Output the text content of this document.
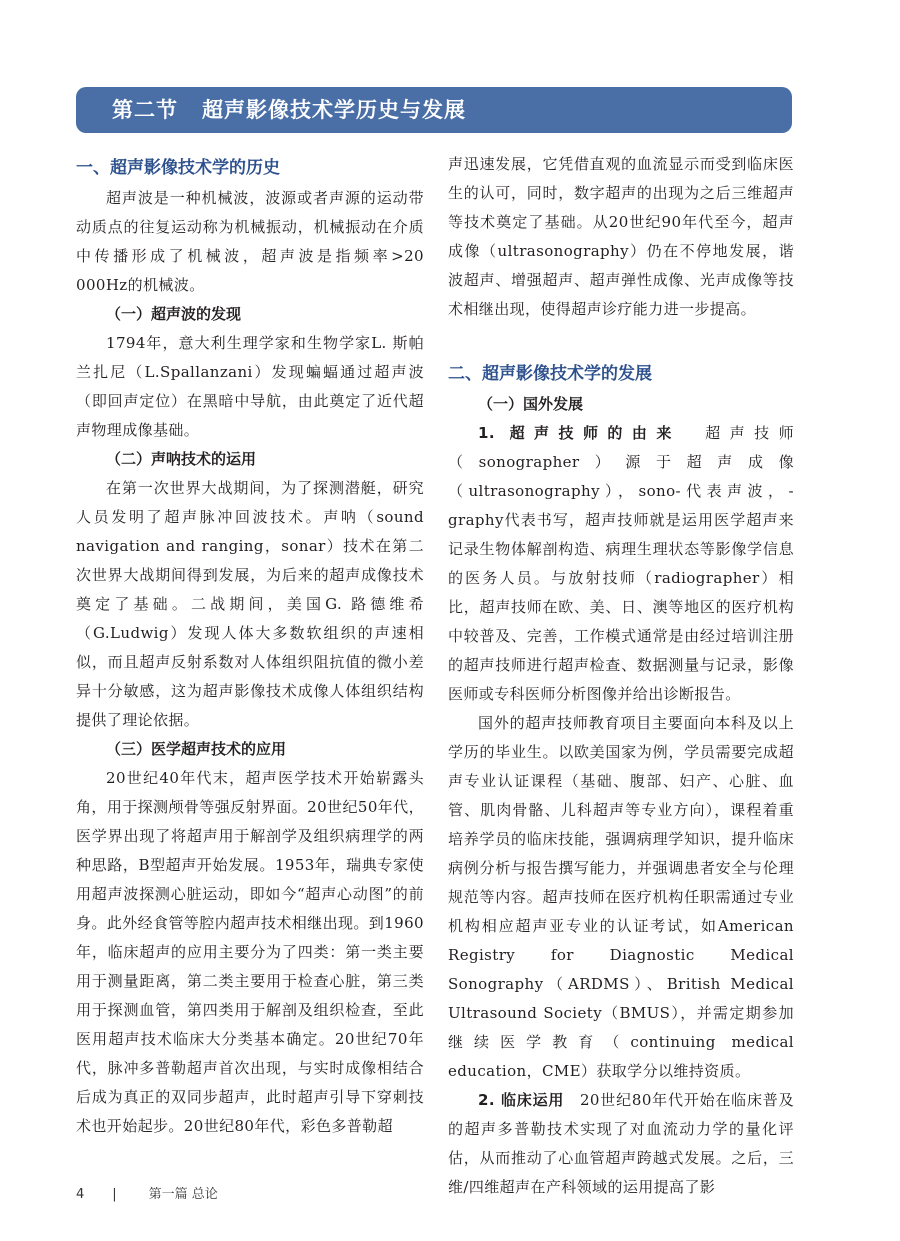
第二节 超声影像技术学历史与发展
一、超声影像技术学的历史

超声波是一种机械波，波源或者声源的运动带动质点的往复运动称为机械振动，机械振动在介质中传播形成了机械波，超声波是指频率>20 000Hz的机械波。

（一）超声波的发现

1794年，意大利生理学家和生物学家L. 斯帕兰扎尼（L.Spallanzani）发现蝙蝠通过超声波（即回声定位）在黑暗中导航，由此奠定了近代超声物理成像基础。

（二）声呐技术的运用

在第一次世界大战期间，为了探测潜艇，研究人员发明了超声脉冲回波技术。声呐（sound navigation and ranging，sonar）技术在第二次世界大战期间得到发展，为后来的超声成像技术奠定了基础。二战期间，美国G. 路德维希（G.Ludwig）发现人体大多数软组织的声速相似，而且超声反射系数对人体组织阻抗值的微小差异十分敏感，这为超声影像技术成像人体组织结构提供了理论依据。

（三）医学超声技术的应用

20世纪40年代末，超声医学技术开始崭露头角，用于探测颅骨等强反射界面。20世纪50年代，医学界出现了将超声用于解剖学及组织病理学的两种思路，B型超声开始发展。1953年，瑞典专家使用超声波探测心脏运动，即如今“超声心动图”的前身。此外经食管等腔内超声技术相继出现。到1960年，临床超声的应用主要分为了四类：第一类主要用于测量距离，第二类主要用于检查心脏，第三类用于探测血管，第四类用于解剖及组织检查，至此医用超声技术临床大分类基本确定。20世纪70年代，脉冲多普勒超声首次出现，与实时成像相结合后成为真正的双同步超声，此时超声引导下穿刺技术也开始起步。20世纪80年代，彩色多普勒超

声迅速发展，它凭借直观的血流显示而受到临床医生的认可，同时，数字超声的出现为之后三维超声等技术奠定了基础。从20世纪90年代至今，超声成像（ultrasonography）仍在不停地发展，谐波超声、增强超声、超声弹性成像、光声成像等技术相继出现，使得超声诊疗能力进一步提高。

二、超声影像技术学的发展
（一）国外发展

1. 超声技师的由来　 超声技师（sonographer）源于超声成像（ultrasonography），sono-代表声波，-graphy代表书写，超声技师就是运用医学超声来记录生物体解剖构造、病理生理状态等影像学信息的医务人员。与放射技师（radiographer）相比，超声技师在欧、美、日、澳等地区的医疗机构中较普及、完善，工作模式通常是由经过培训注册的超声技师进行超声检查、数据测量与记录，影像医师或专科医师分析图像并给出诊断报告。

国外的超声技师教育项目主要面向本科及以上学历的毕业生。以欧美国家为例，学员需要完成超声专业认证课程（基础、腹部、妇产、心脏、血管、肌肉骨骼、儿科超声等专业方向），课程着重培养学员的临床技能，强调病理学知识，提升临床病例分析与报告撰写能力，并强调患者安全与伦理规范等内容。超声技师在医疗机构任职需通过专业机构相应超声亚专业的认证考试，如American Registry for Diagnostic Medical Sonography（ARDMS）、British Medical Ultrasound Society（BMUS），并需定期参加继续医学教育（continuing medical education，CME）获取学分以维持资质。

2. 临床运用　 20世纪80年代开始在临床普及的超声多普勒技术实现了对血流动力学的量化评估，从而推动了心血管超声跨越式发展。之后，三维/四维超声在产科领域的运用提高了影

4 | 第一篇 总论
